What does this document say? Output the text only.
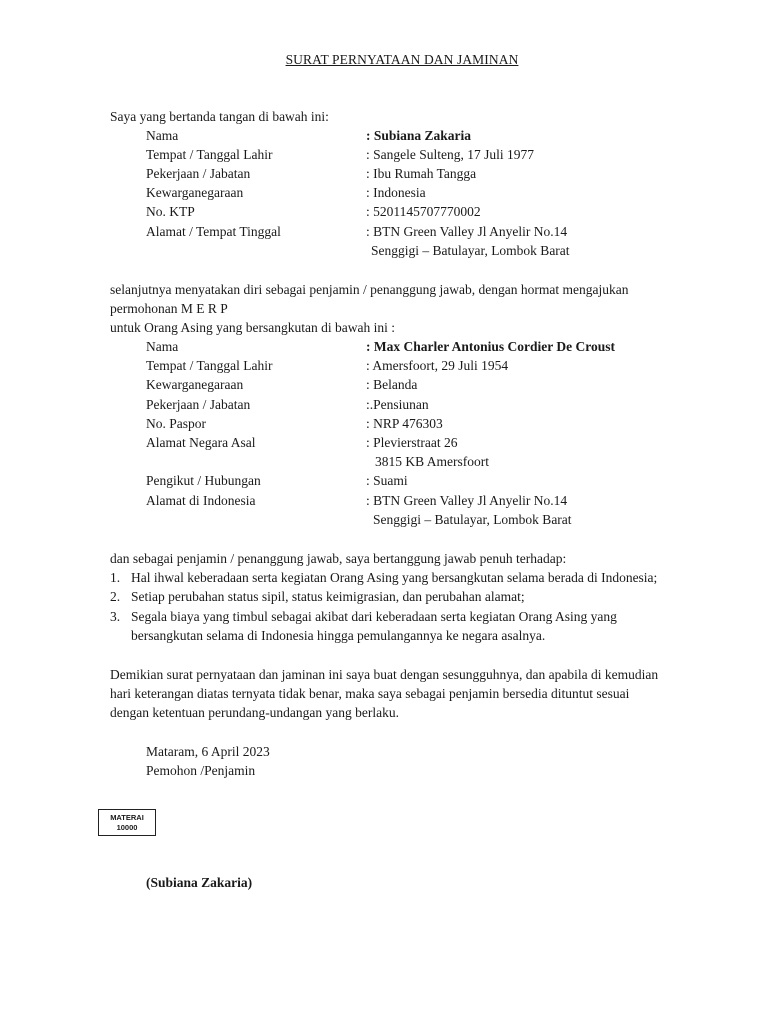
SURAT PERNYATAAN DAN JAMINAN
Saya yang bertanda tangan di bawah ini:
Nama	: Subiana Zakaria
Tempat / Tanggal Lahir	: Sangele Sulteng, 17 Juli 1977
Pekerjaan / Jabatan	: Ibu Rumah Tangga
Kewarganegaraan	: Indonesia
No. KTP	: 5201145707770002
Alamat / Tempat Tinggal	: BTN Green Valley Jl Anyelir No.14
Senggigi – Batulayar, Lombok Barat
selanjutnya menyatakan diri sebagai penjamin / penanggung jawab, dengan hormat mengajukan
permohonan M E R P
untuk Orang Asing yang bersangkutan di bawah ini :
Nama	: Max Charler Antonius Cordier De Croust
Tempat / Tanggal Lahir	: Amersfoort, 29 Juli 1954
Kewarganegaraan	: Belanda
Pekerjaan / Jabatan	:.Pensiunan
No. Paspor	: NRP 476303
Alamat Negara Asal	: Plevierstraat 26
3815 KB Amersfoort
Pengikut / Hubungan	: Suami
Alamat di Indonesia	: BTN Green Valley Jl Anyelir No.14
Senggigi – Batulayar, Lombok Barat
dan sebagai penjamin / penanggung jawab, saya bertanggung jawab penuh terhadap:
1. Hal ihwal keberadaan serta kegiatan Orang Asing yang bersangkutan selama berada di Indonesia;
2. Setiap perubahan status sipil, status keimigrasian, dan perubahan alamat;
3. Segala biaya yang timbul sebagai akibat dari keberadaan serta kegiatan Orang Asing yang
bersangkutan selama di Indonesia hingga pemulangannya ke negara asalnya.
Demikian surat pernyataan dan jaminan ini saya buat dengan sesungguhnya, dan apabila di kemudian
hari keterangan diatas ternyata tidak benar, maka saya sebagai penjamin bersedia dituntut sesuai
dengan ketentuan perundang-undangan yang berlaku.
Mataram, 6 April 2023
Pemohon /Penjamin
MATERAI
10000
(Subiana Zakaria)
